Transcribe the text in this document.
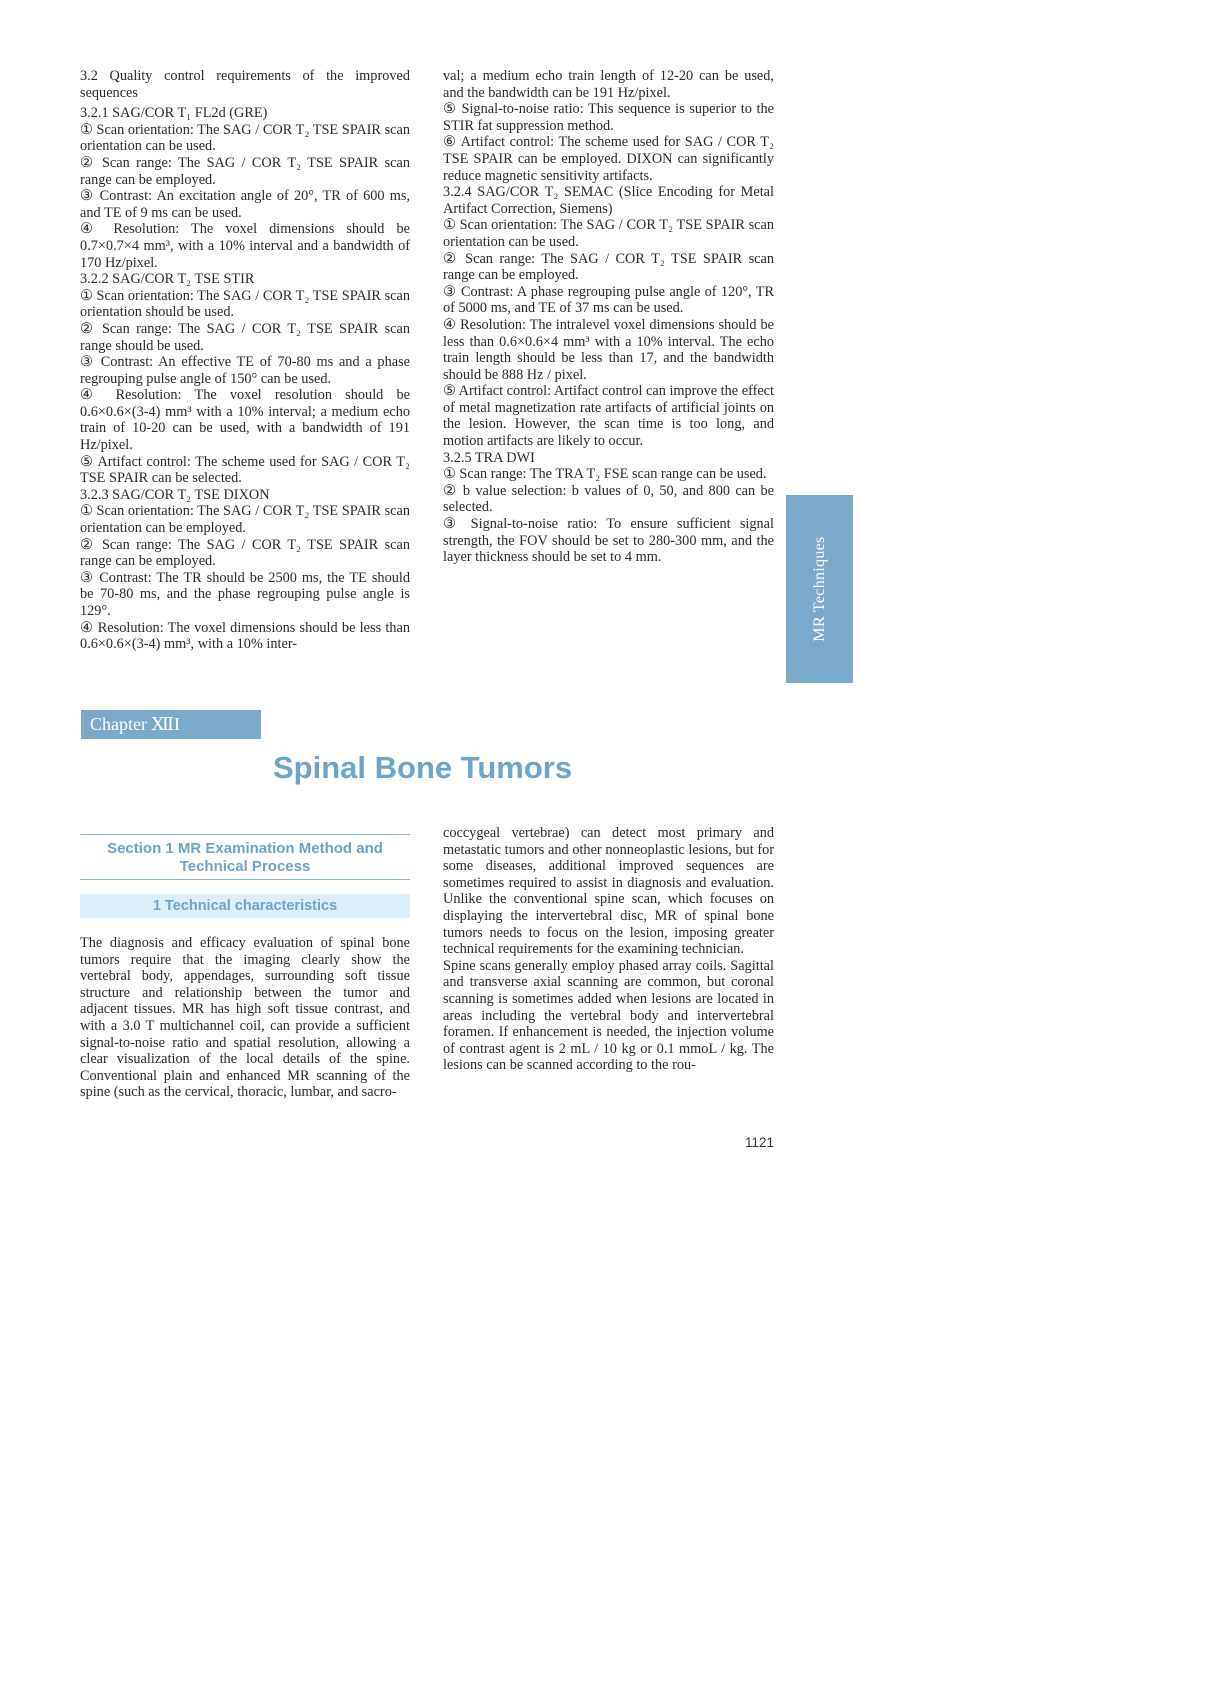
3.2 Quality control requirements of the improved sequences

3.2.1 SAG/COR T₁ FL2d (GRE)

① Scan orientation: The SAG / COR T₂ TSE SPAIR scan orientation can be used.

② Scan range: The SAG / COR T₂ TSE SPAIR scan range can be employed.

③ Contrast: An excitation angle of 20°, TR of 600 ms, and TE of 9 ms can be used.

④ Resolution: The voxel dimensions should be 0.7×0.7×4 mm³, with a 10% interval and a bandwidth of 170 Hz/pixel.

3.2.2 SAG/COR T₂ TSE STIR

① Scan orientation: The SAG / COR T₂ TSE SPAIR scan orientation should be used.

② Scan range: The SAG / COR T₂ TSE SPAIR scan range should be used.

③ Contrast: An effective TE of 70-80 ms and a phase regrouping pulse angle of 150° can be used.

④ Resolution: The voxel resolution should be 0.6×0.6×(3-4) mm³ with a 10% interval; a medium echo train of 10-20 can be used, with a bandwidth of 191 Hz/pixel.

⑤ Artifact control: The scheme used for SAG / COR T₂ TSE SPAIR can be selected.

3.2.3 SAG/COR T₂ TSE DIXON

① Scan orientation: The SAG / COR T₂ TSE SPAIR scan orientation can be employed.

② Scan range: The SAG / COR T₂ TSE SPAIR scan range can be employed.

③ Contrast: The TR should be 2500 ms, the TE should be 70-80 ms, and the phase regrouping pulse angle is 129°.

④ Resolution: The voxel dimensions should be less than 0.6×0.6×(3-4) mm³, with a 10% inter-

val; a medium echo train length of 12-20 can be used, and the bandwidth can be 191 Hz/pixel.

⑤ Signal-to-noise ratio: This sequence is superior to the STIR fat suppression method.

⑥ Artifact control: The scheme used for SAG / COR T₂ TSE SPAIR can be employed. DIXON can significantly reduce magnetic sensitivity artifacts.

3.2.4 SAG/COR T₂ SEMAC (Slice Encoding for Metal Artifact Correction, Siemens)

① Scan orientation: The SAG / COR T₂ TSE SPAIR scan orientation can be used.

② Scan range: The SAG / COR T₂ TSE SPAIR scan range can be employed.

③ Contrast: A phase regrouping pulse angle of 120°, TR of 5000 ms, and TE of 37 ms can be used.

④ Resolution: The intralevel voxel dimensions should be less than 0.6×0.6×4 mm³ with a 10% interval. The echo train length should be less than 17, and the bandwidth should be 888 Hz / pixel.

⑤ Artifact control: Artifact control can improve the effect of metal magnetization rate artifacts of artificial joints on the lesion. However, the scan time is too long, and motion artifacts are likely to occur.

3.2.5 TRA DWI

① Scan range: The TRA T₂ FSE scan range can be used.

② b value selection: b values of 0, 50, and 800 can be selected.

③ Signal-to-noise ratio: To ensure sufficient signal strength, the FOV should be set to 280-300 mm, and the layer thickness should be set to 4 mm.	MR Techniques
Chapter ⅫI
Spinal Bone Tumors
Section 1 MR Examination Method and Technical Process
1 Technical characteristics

The diagnosis and efficacy evaluation of spinal bone tumors require that the imaging clearly show the vertebral body, appendages, surrounding soft tissue structure and relationship between the tumor and adjacent tissues. MR has high soft tissue contrast, and with a 3.0 T multichannel coil, can provide a sufficient signal-to-noise ratio and spatial resolution, allowing a clear visualization of the local details of the spine. Conventional plain and enhanced MR scanning of the spine (such as the cervical, thoracic, lumbar, and sacro-

coccygeal vertebrae) can detect most primary and metastatic tumors and other nonneoplastic lesions, but for some diseases, additional improved sequences are sometimes required to assist in diagnosis and evaluation. Unlike the conventional spine scan, which focuses on displaying the intervertebral disc, MR of spinal bone tumors needs to focus on the lesion, imposing greater technical requirements for the examining technician.

Spine scans generally employ phased array coils. Sagittal and transverse axial scanning are common, but coronal scanning is sometimes added when lesions are located in areas including the vertebral body and intervertebral foramen. If enhancement is needed, the injection volume of contrast agent is 2 mL / 10 kg or 0.1 mmoL / kg. The lesions can be scanned according to the rou-

1121
